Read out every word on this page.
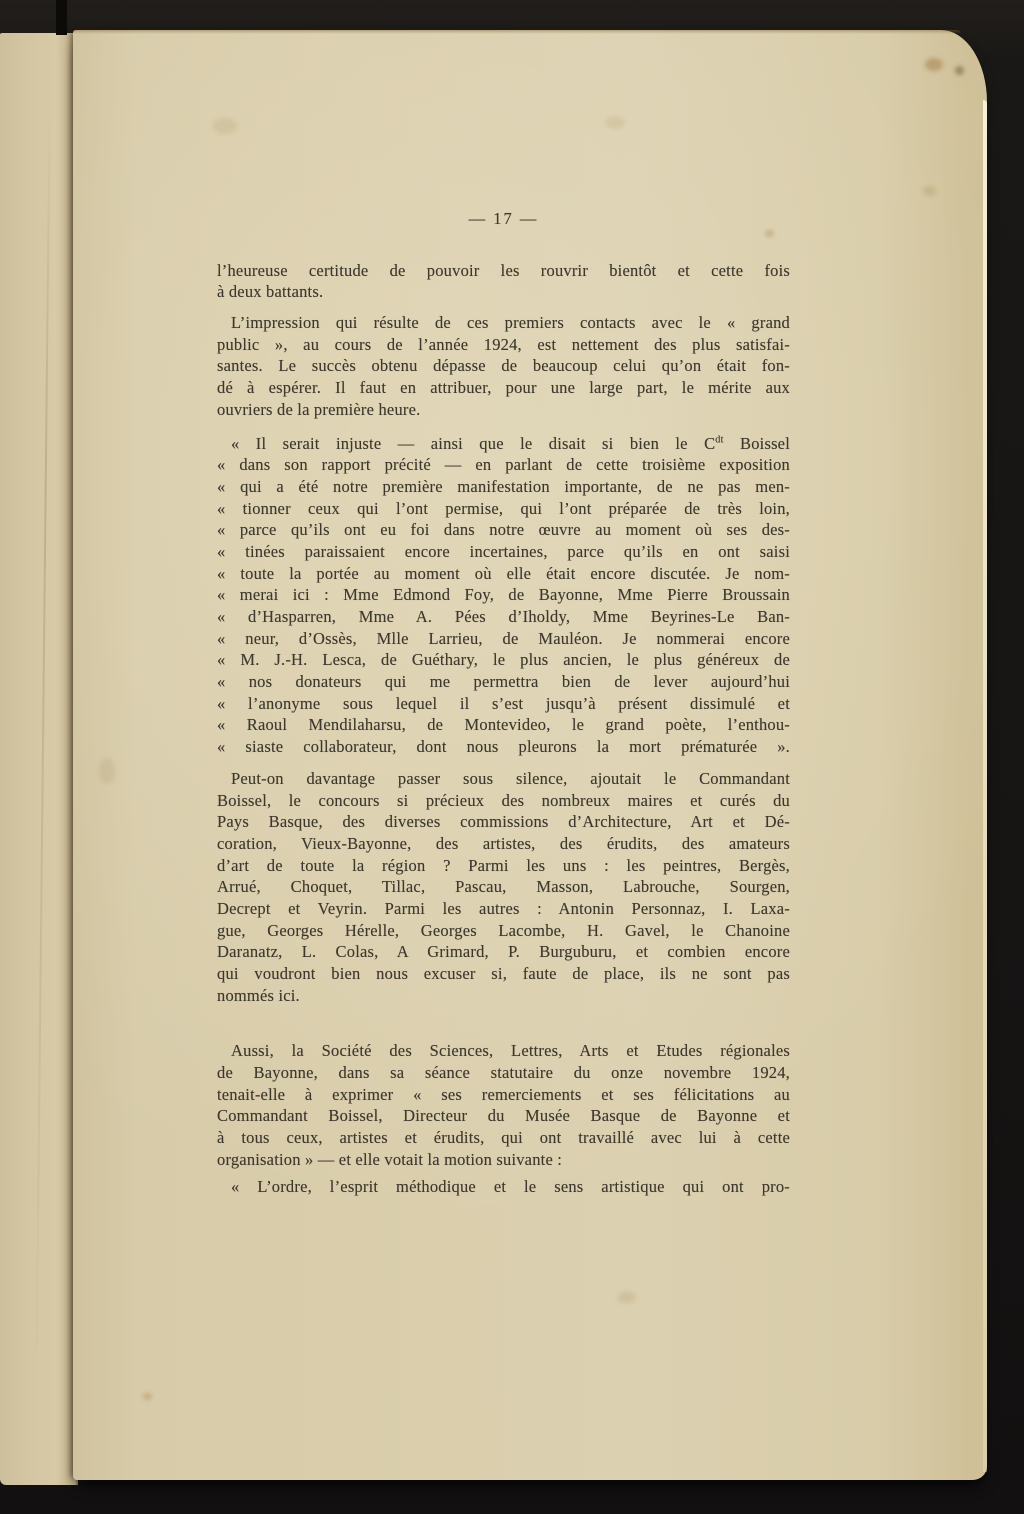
— 17 —
l’heureuse certitude de pouvoir les rouvrir bientôt et cette fois
à deux battants.
L’impression qui résulte de ces premiers contacts avec le « grand
public », au cours de l’année 1924, est nettement des plus satisfai-
santes. Le succès obtenu dépasse de beaucoup celui qu’on était fon-
dé à espérer. Il faut en attribuer, pour une large part, le mérite aux
ouvriers de la première heure.
« Il serait injuste — ainsi que le disait si bien le $C^{dt}$ Boissel
« dans son rapport précité — en parlant de cette troisième exposition
« qui a été notre première manifestation importante, de ne pas men-
« tionner ceux qui l’ont permise, qui l’ont préparée de très loin,
« parce qu’ils ont eu foi dans notre œuvre au moment où ses des-
« tinées paraissaient encore incertaines, parce qu’ils en ont saisi
« toute la portée au moment où elle était encore discutée. Je nom-
« merai ici : Mme Edmond Foy, de Bayonne, Mme Pierre Broussain
« d’Hasparren, Mme A. Pées d’Iholdy, Mme Beyrines-Le Ban-
« neur, d’Ossès, Mlle Larrieu, de Mauléon. Je nommerai encore
« M. J.-H. Lesca, de Guéthary, le plus ancien, le plus généreux de
« nos donateurs qui me permettra bien de lever aujourd’hui
« l’anonyme sous lequel il s’est jusqu’à présent dissimulé et
« Raoul Mendilaharsu, de Montevideo, le grand poète, l’enthou-
« siaste collaborateur, dont nous pleurons la mort prématurée ».
Peut-on davantage passer sous silence, ajoutait le Commandant
Boissel, le concours si précieux des nombreux maires et curés du
Pays Basque, des diverses commissions d’Architecture, Art et Dé-
coration, Vieux-Bayonne, des artistes, des érudits, des amateurs
d’art de toute la région ? Parmi les uns : les peintres, Bergès,
Arrué, Choquet, Tillac, Pascau, Masson, Labrouche, Sourgen,
Decrept et Veyrin. Parmi les autres : Antonin Personnaz, I. Laxa-
gue, Georges Hérelle, Georges Lacombe, H. Gavel, le Chanoine
Daranatz, L. Colas, A Grimard, P. Burguburu, et combien encore
qui voudront bien nous excuser si, faute de place, ils ne sont pas
nommés ici.
Aussi, la Société des Sciences, Lettres, Arts et Etudes régionales
de Bayonne, dans sa séance statutaire du onze novembre 1924,
tenait-elle à exprimer « ses remerciements et ses félicitations au
Commandant Boissel, Directeur du Musée Basque de Bayonne et
à tous ceux, artistes et érudits, qui ont travaillé avec lui à cette
organisation » — et elle votait la motion suivante :
« L’ordre, l’esprit méthodique et le sens artistique qui ont pro-
